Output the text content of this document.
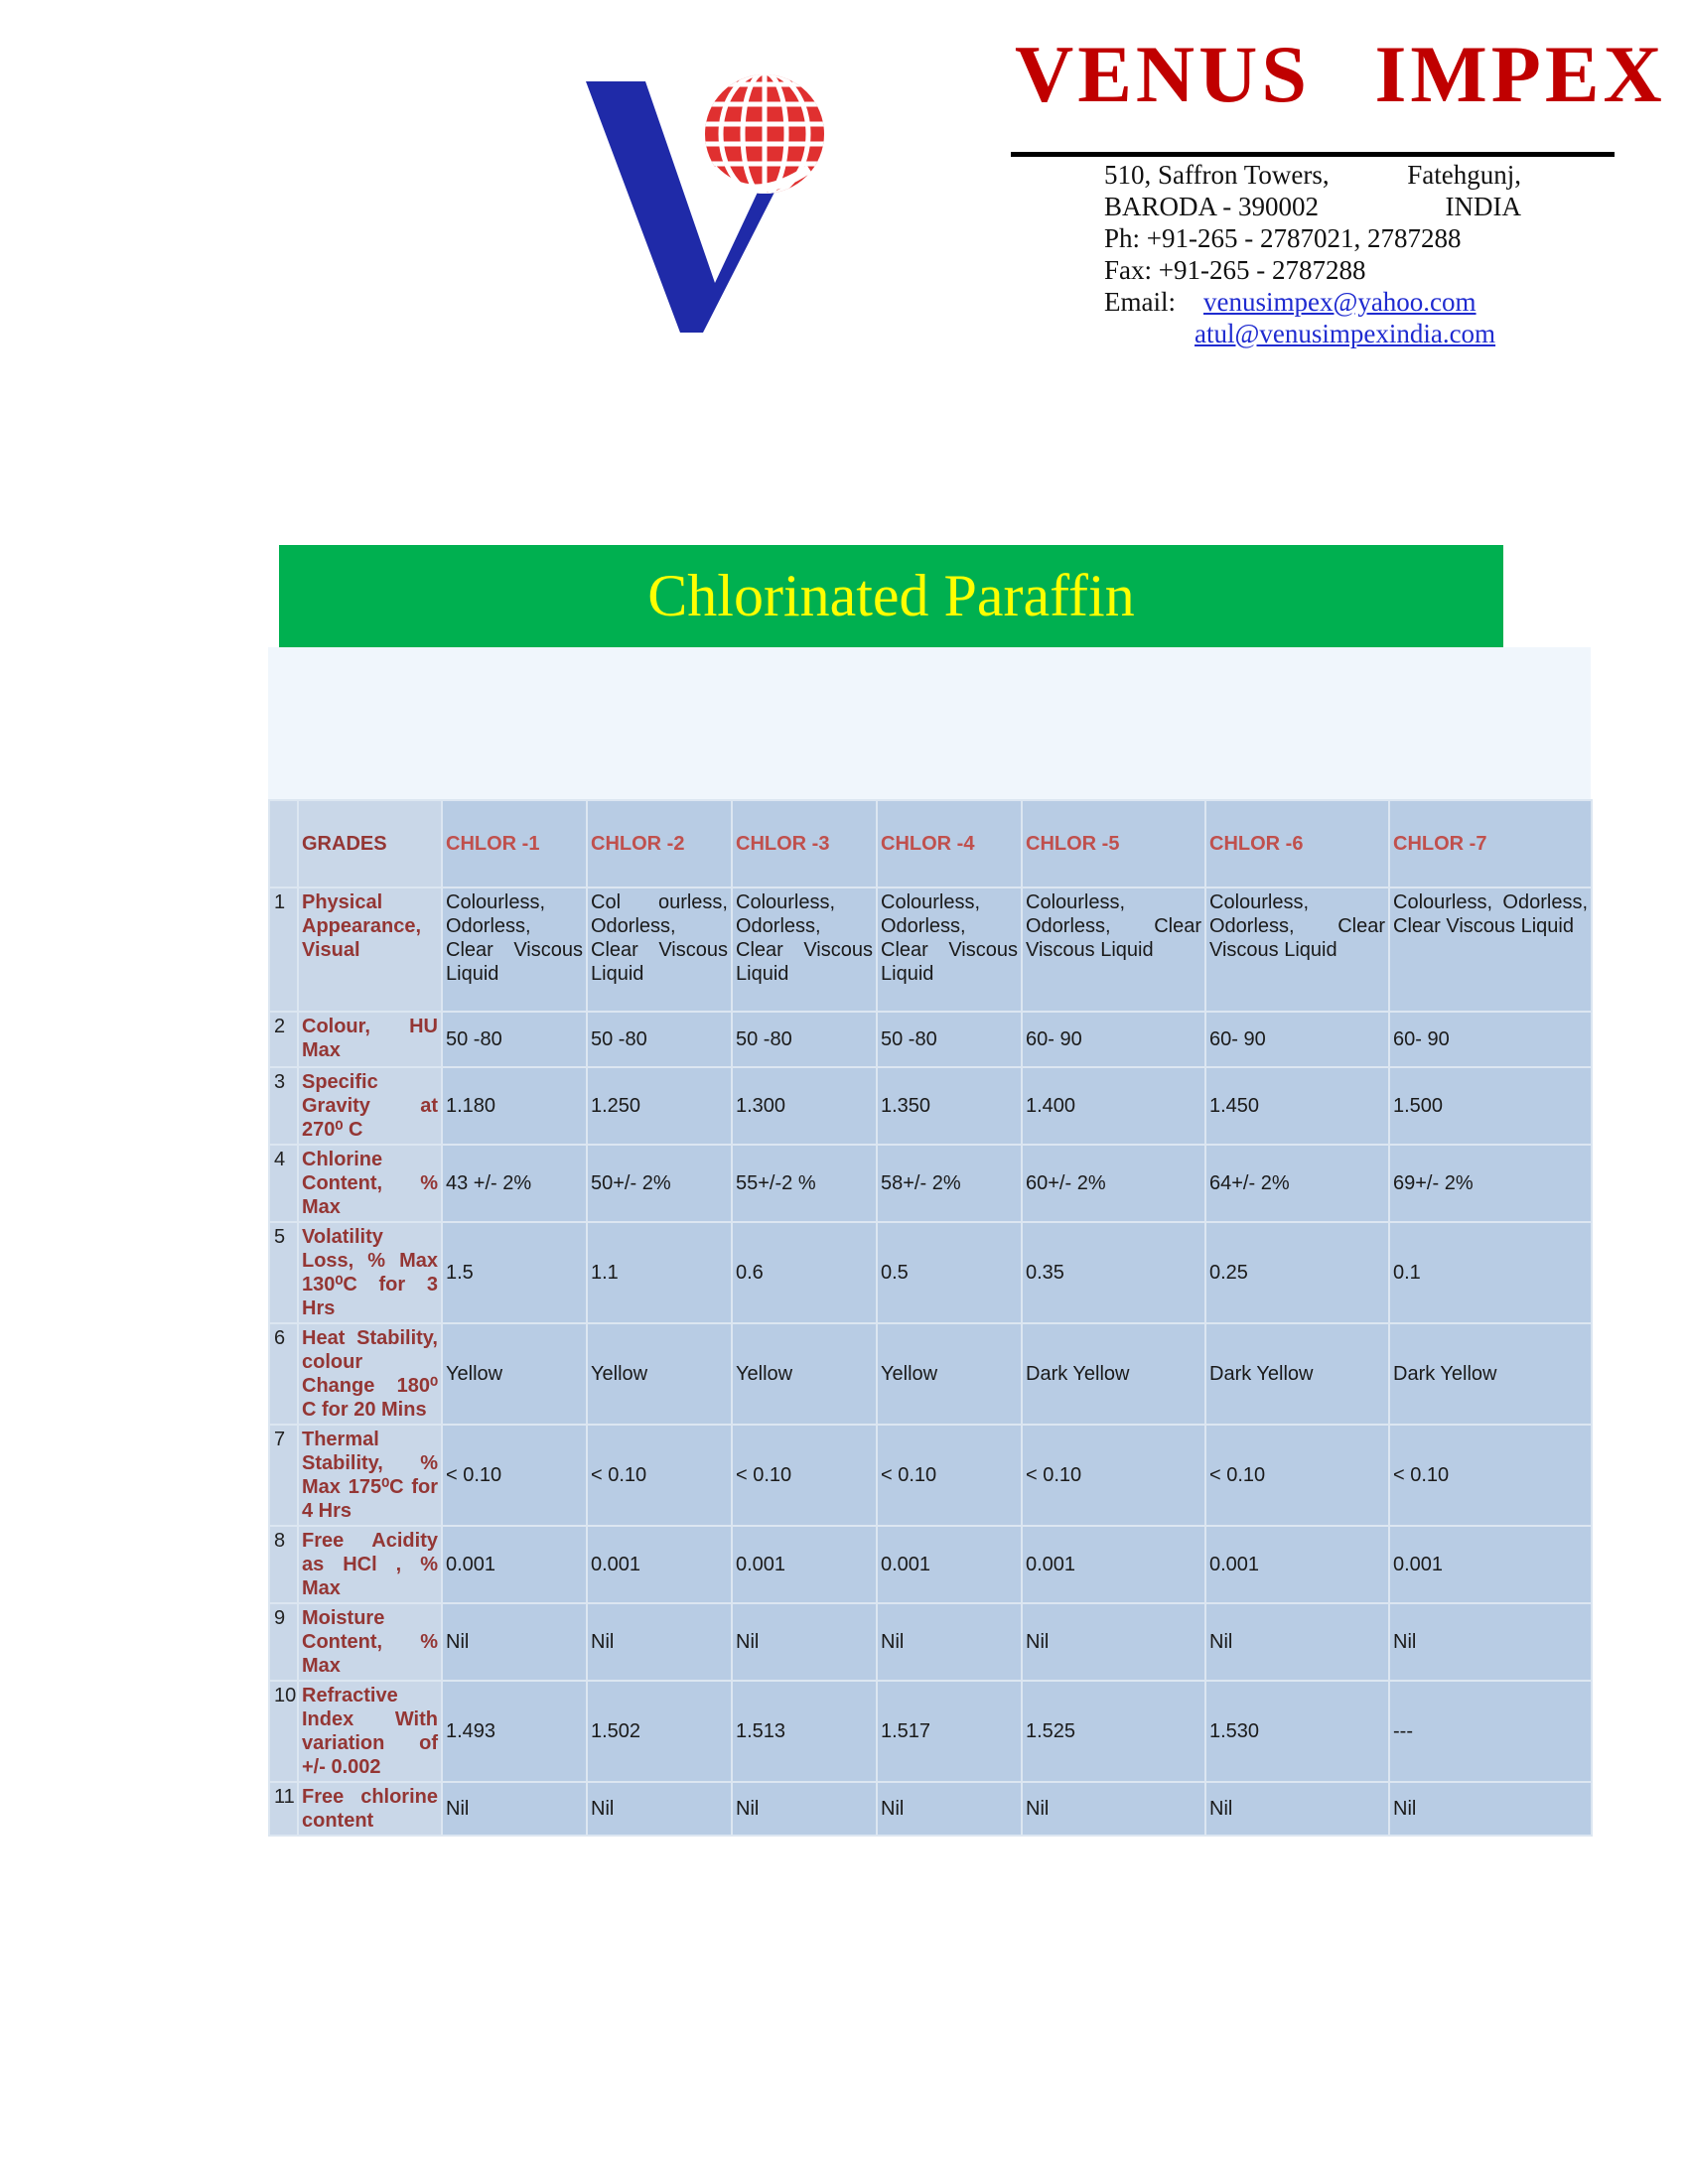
VENUS IMPEX
510, Saffron Towers,	Fatehgunj,
BARODA - 390002	INDIA
Ph: +91-265 - 2787021, 2787288
Fax: +91-265 - 2787288
Email: venusimpex@yahoo.com
atul@venusimpexindia.com
Chlorinated Paraffin
	GRADES	CHLOR -1	CHLOR -2	CHLOR -3	CHLOR -4	CHLOR -5	CHLOR -6	CHLOR -7
1	Physical Appearance, Visual	Colourless, Odorless, Clear Viscous Liquid	Col ourless, Odorless, Clear Viscous Liquid	Colourless, Odorless, Clear Viscous Liquid	Colourless, Odorless, Clear Viscous Liquid	Colourless, Odorless, Clear Viscous Liquid	Colourless, Odorless, Clear Viscous Liquid	Colourless, Odorless, Clear Viscous Liquid
2	Colour, HU Max	50 -80	50 -80	50 -80	50 -80	60- 90	60- 90	60- 90
3	Specific Gravity at 270⁰ C	1.180	1.250	1.300	1.350	1.400	1.450	1.500
4	Chlorine Content, % Max	43 +/- 2%	50+/- 2%	55+/-2 %	58+/- 2%	60+/- 2%	64+/- 2%	69+/- 2%
5	Volatility Loss, % Max 130⁰C for 3 Hrs	1.5	1.1	0.6	0.5	0.35	0.25	0.1
6	Heat Stability, colour Change 180⁰ C for 20 Mins	Yellow	Yellow	Yellow	Yellow	Dark Yellow	Dark Yellow	Dark Yellow
7	Thermal Stability, % Max 175⁰C for 4 Hrs	< 0.10	< 0.10	< 0.10	< 0.10	< 0.10	< 0.10	< 0.10
8	Free Acidity as HCl , % Max	0.001	0.001	0.001	0.001	0.001	0.001	0.001
9	Moisture Content, % Max	Nil	Nil	Nil	Nil	Nil	Nil	Nil
10	Refractive Index With variation of +/- 0.002	1.493	1.502	1.513	1.517	1.525	1.530	---
11	Free chlorine content	Nil	Nil	Nil	Nil	Nil	Nil	Nil
